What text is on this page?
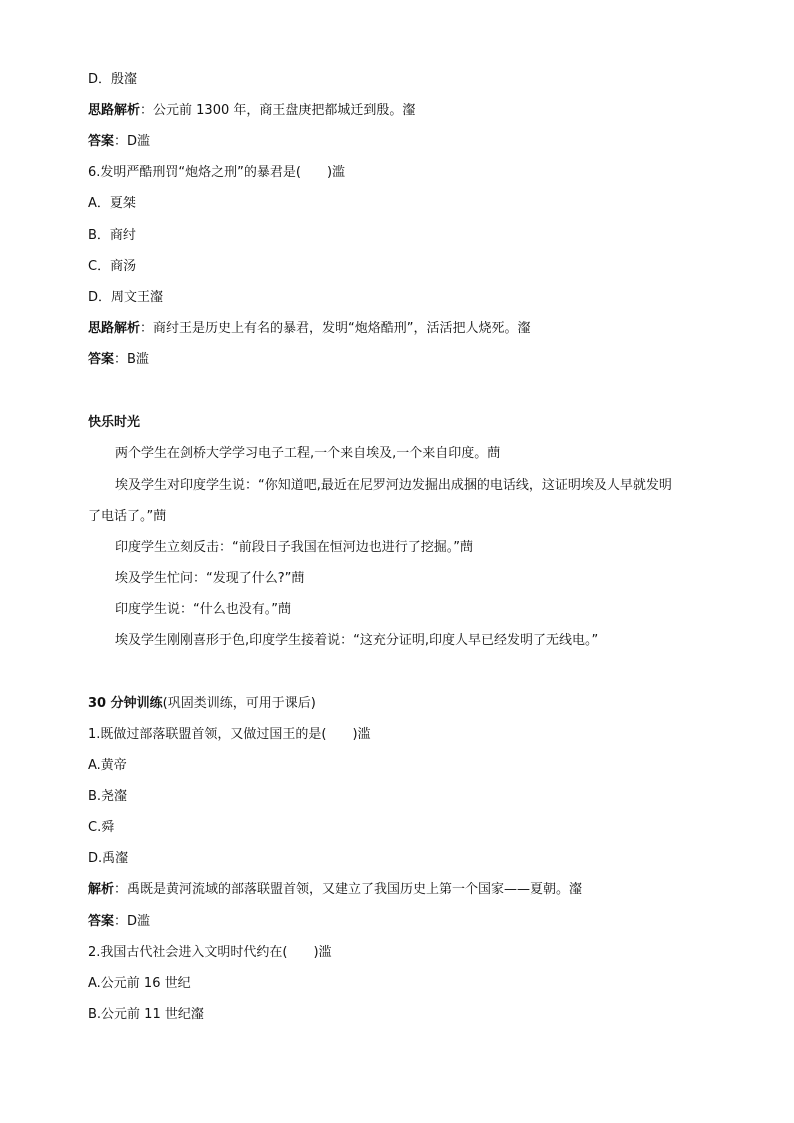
D．殷瀣
思路解析：公元前 1300 年，商王盘庚把都城迁到殷。瀣
答案：D滥
6.发明严酷刑罚“炮烙之刑”的暴君是(　　)滥
A．夏桀
B．商纣
C．商汤
D．周文王瀣
思路解析：商纣王是历史上有名的暴君，发明“炮烙酷刑”，活活把人烧死。瀣
答案：B滥
快乐时光
两个学生在剑桥大学学习电子工程,一个来自埃及,一个来自印度。蔄
埃及学生对印度学生说：“你知道吧,最近在尼罗河边发掘出成捆的电话线，这证明埃及人早就发明
了电话了。”蔄
印度学生立刻反击：“前段日子我国在恒河边也进行了挖掘。”蔄
埃及学生忙问：“发现了什么?”蔄
印度学生说：“什么也没有。”蔄
埃及学生刚刚喜形于色,印度学生接着说：“这充分证明,印度人早已经发明了无线电。”
30 分钟训练(巩固类训练，可用于课后)
1.既做过部落联盟首领，又做过国王的是(　　)滥
A.黄帝
B.尧瀣
C.舜
D.禹瀣
解析：禹既是黄河流域的部落联盟首领，又建立了我国历史上第一个国家——夏朝。瀣
答案：D滥
2.我国古代社会进入文明时代约在(　　)滥
A.公元前 16 世纪
B.公元前 11 世纪瀣
